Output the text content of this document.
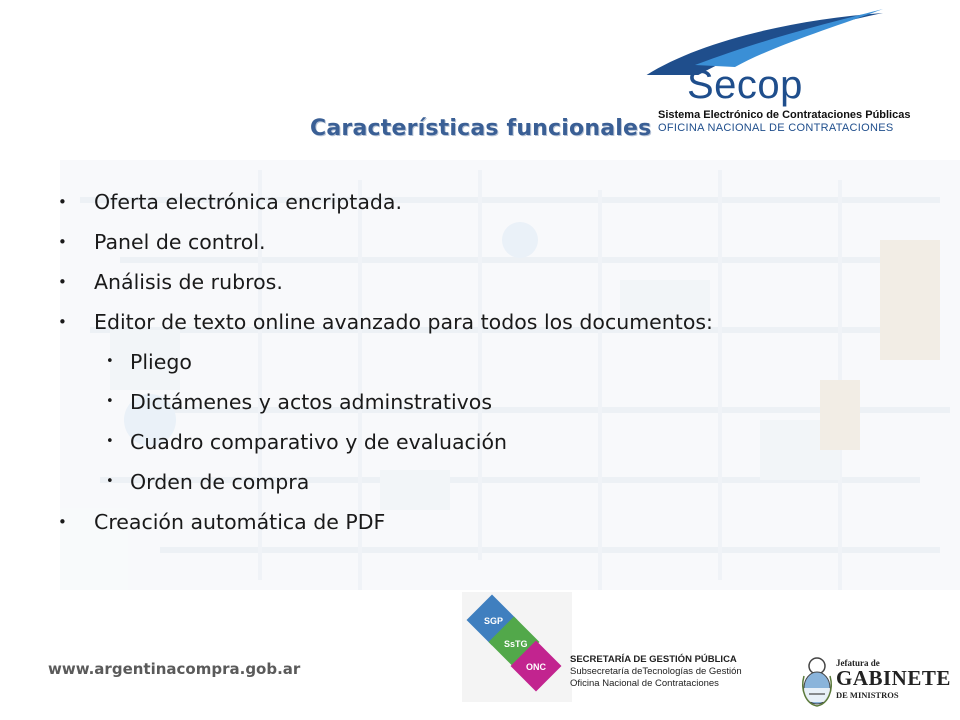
Secop
Sistema Electrónico de Contrataciones Públicas
OFICINA NACIONAL DE CONTRATACIONES
Características funcionales
• Oferta electrónica encriptada.
• Panel de control.
• Análisis de rubros.
• Editor de texto online avanzado para todos los documentos:
• Pliego
• Dictámenes y actos adminstrativos
• Cuadro comparativo y de evaluación
• Orden de compra
• Creación automática de PDF
www.argentinacompra.gob.ar
SGP
SsTG
ONC
SECRETARÍA DE GESTIÓN PÚBLICA
Subsecretaría deTecnologías de Gestión
Oficina Nacional de Contrataciones
Jefatura de
GABINETE
DE MINISTROS
